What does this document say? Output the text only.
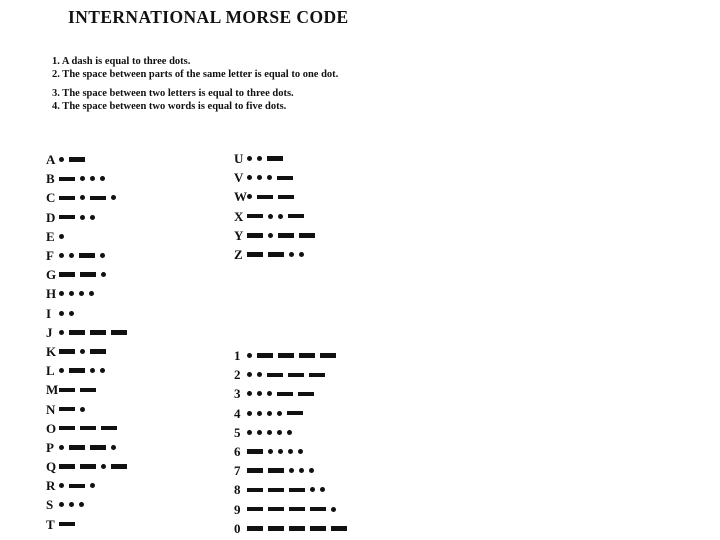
INTERNATIONAL MORSE CODE
1. A dash is equal to three dots.
2. The space between parts of the same letter is equal to one dot.
3. The space between two letters is equal to three dots.
4. The space between two words is equal to five dots.
A
B
C
D
E
F
G
H
I
J
K
L
M
N
O
P
Q
R
S
T
U
V
W
X
Y
Z
1
2
3
4
5
6
7
8
9
0
